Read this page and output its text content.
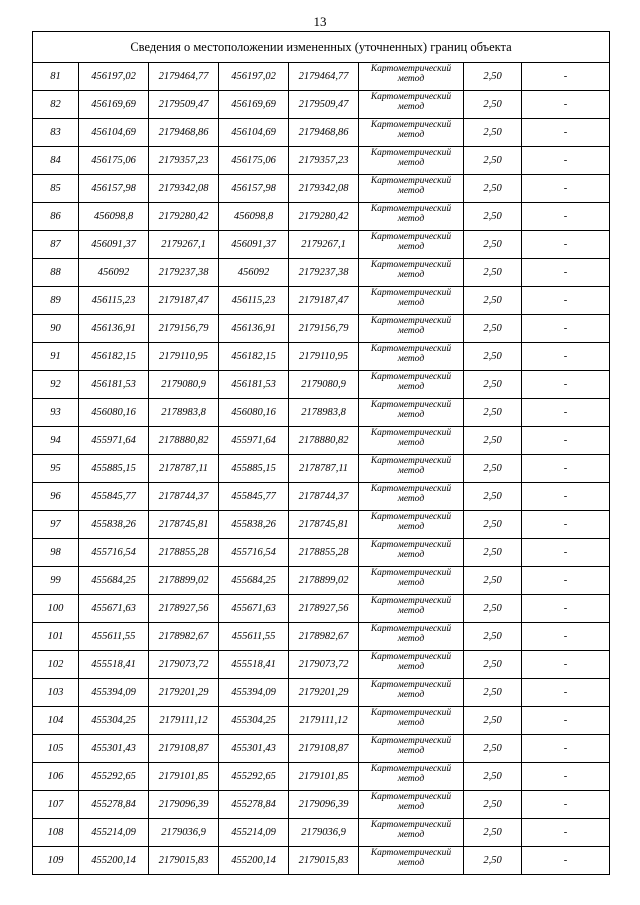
13
Сведения о местоположении измененных (уточненных) границ объекта							
81	456197,02	2179464,77	456197,02	2179464,77	Картометрический метод	2,50	-
82	456169,69	2179509,47	456169,69	2179509,47	Картометрический метод	2,50	-
83	456104,69	2179468,86	456104,69	2179468,86	Картометрический метод	2,50	-
84	456175,06	2179357,23	456175,06	2179357,23	Картометрический метод	2,50	-
85	456157,98	2179342,08	456157,98	2179342,08	Картометрический метод	2,50	-
86	456098,8	2179280,42	456098,8	2179280,42	Картометрический метод	2,50	-
87	456091,37	2179267,1	456091,37	2179267,1	Картометрический метод	2,50	-
88	456092	2179237,38	456092	2179237,38	Картометрический метод	2,50	-
89	456115,23	2179187,47	456115,23	2179187,47	Картометрический метод	2,50	-
90	456136,91	2179156,79	456136,91	2179156,79	Картометрический метод	2,50	-
91	456182,15	2179110,95	456182,15	2179110,95	Картометрический метод	2,50	-
92	456181,53	2179080,9	456181,53	2179080,9	Картометрический метод	2,50	-
93	456080,16	2178983,8	456080,16	2178983,8	Картометрический метод	2,50	-
94	455971,64	2178880,82	455971,64	2178880,82	Картометрический метод	2,50	-
95	455885,15	2178787,11	455885,15	2178787,11	Картометрический метод	2,50	-
96	455845,77	2178744,37	455845,77	2178744,37	Картометрический метод	2,50	-
97	455838,26	2178745,81	455838,26	2178745,81	Картометрический метод	2,50	-
98	455716,54	2178855,28	455716,54	2178855,28	Картометрический метод	2,50	-
99	455684,25	2178899,02	455684,25	2178899,02	Картометрический метод	2,50	-
100	455671,63	2178927,56	455671,63	2178927,56	Картометрический метод	2,50	-
101	455611,55	2178982,67	455611,55	2178982,67	Картометрический метод	2,50	-
102	455518,41	2179073,72	455518,41	2179073,72	Картометрический метод	2,50	-
103	455394,09	2179201,29	455394,09	2179201,29	Картометрический метод	2,50	-
104	455304,25	2179111,12	455304,25	2179111,12	Картометрический метод	2,50	-
105	455301,43	2179108,87	455301,43	2179108,87	Картометрический метод	2,50	-
106	455292,65	2179101,85	455292,65	2179101,85	Картометрический метод	2,50	-
107	455278,84	2179096,39	455278,84	2179096,39	Картометрический метод	2,50	-
108	455214,09	2179036,9	455214,09	2179036,9	Картометрический метод	2,50	-
109	455200,14	2179015,83	455200,14	2179015,83	Картометрический метод	2,50	-
